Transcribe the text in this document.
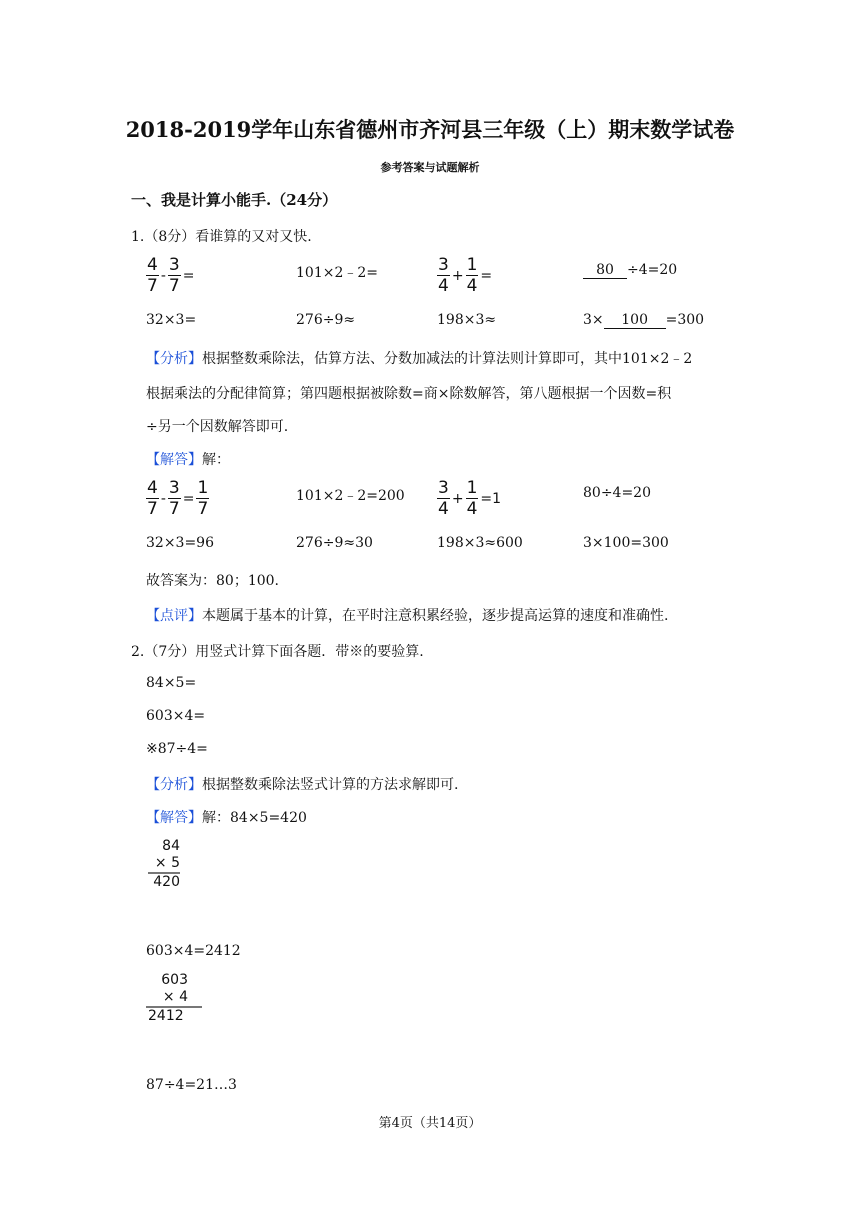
2018-2019学年山东省德州市齐河县三年级（上）期末数学试卷
参考答案与试题解析
一、我是计算小能手.（24分）
1.（8分）看谁算的又对又快.
$\frac{4}{7} - \frac{3}{7}$ =	101×2﹣2=	$\frac{3}{4} + \frac{1}{4}$ =	80 ÷4=20
32×3=	276÷9≈	198×3≈	3× 100 =300
【分析】根据整数乘除法，估算方法、分数加减法的计算法则计算即可，其中101×2﹣2
根据乘法的分配律简算；第四题根据被除数=商×除数解答，第八题根据一个因数=积
÷另一个因数解答即可.
【解答】解：
$\frac{4}{7} - \frac{3}{7} = \frac{1}{7}$	101×2﹣2=200 $\frac{3}{4} + \frac{1}{4} =1$	80÷4=20
32×3=96	276÷9≈30	198×3≈600	3×100=300
故答案为：80；100.
【点评】本题属于基本的计算，在平时注意积累经验，逐步提高运算的速度和准确性.
2.（7分）用竖式计算下面各题．带※的要验算.
84×5=
603×4=
※87÷4=
【分析】根据整数乘除法竖式计算的方法求解即可.
【解答】解：84×5=420
84
× 5
420
603×4=2412
603
× 4
2412
87÷4=21…3
第4页（共14页）
